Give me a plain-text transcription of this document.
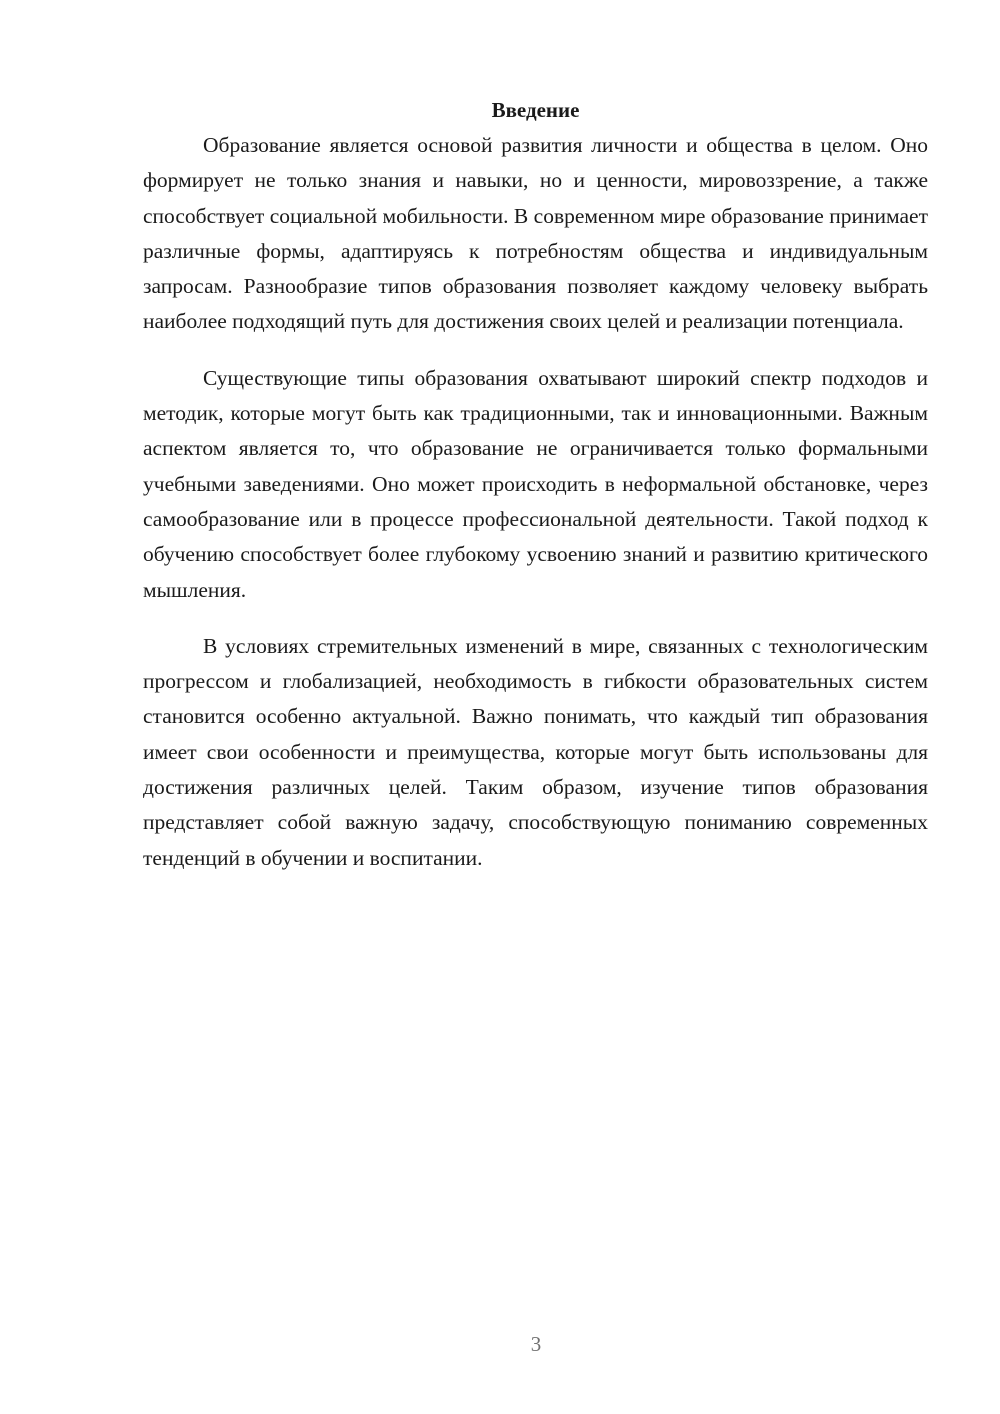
Введение

Образование является основой развития личности и общества в целом. Оно формирует не только знания и навыки, но и ценности, мировоззрение, а также способствует социальной мобильности. В современном мире образование принимает различные формы, адаптируясь к потребностям общества и индивидуальным запросам. Разнообразие типов образования позволяет каждому человеку выбрать наиболее подходящий путь для достижения своих целей и реализации потенциала.

Существующие типы образования охватывают широкий спектр подходов и методик, которые могут быть как традиционными, так и инновационными. Важным аспектом является то, что образование не ограничивается только формальными учебными заведениями. Оно может происходить в неформальной обстановке, через самообразование или в процессе профессиональной деятельности. Такой подход к обучению способствует более глубокому усвоению знаний и развитию критического мышления.

В условиях стремительных изменений в мире, связанных с технологическим прогрессом и глобализацией, необходимость в гибкости образовательных систем становится особенно актуальной. Важно понимать, что каждый тип образования имеет свои особенности и преимущества, которые могут быть использованы для достижения различных целей. Таким образом, изучение типов образования представляет собой важную задачу, способствующую пониманию современных тенденций в обучении и воспитании.

3
